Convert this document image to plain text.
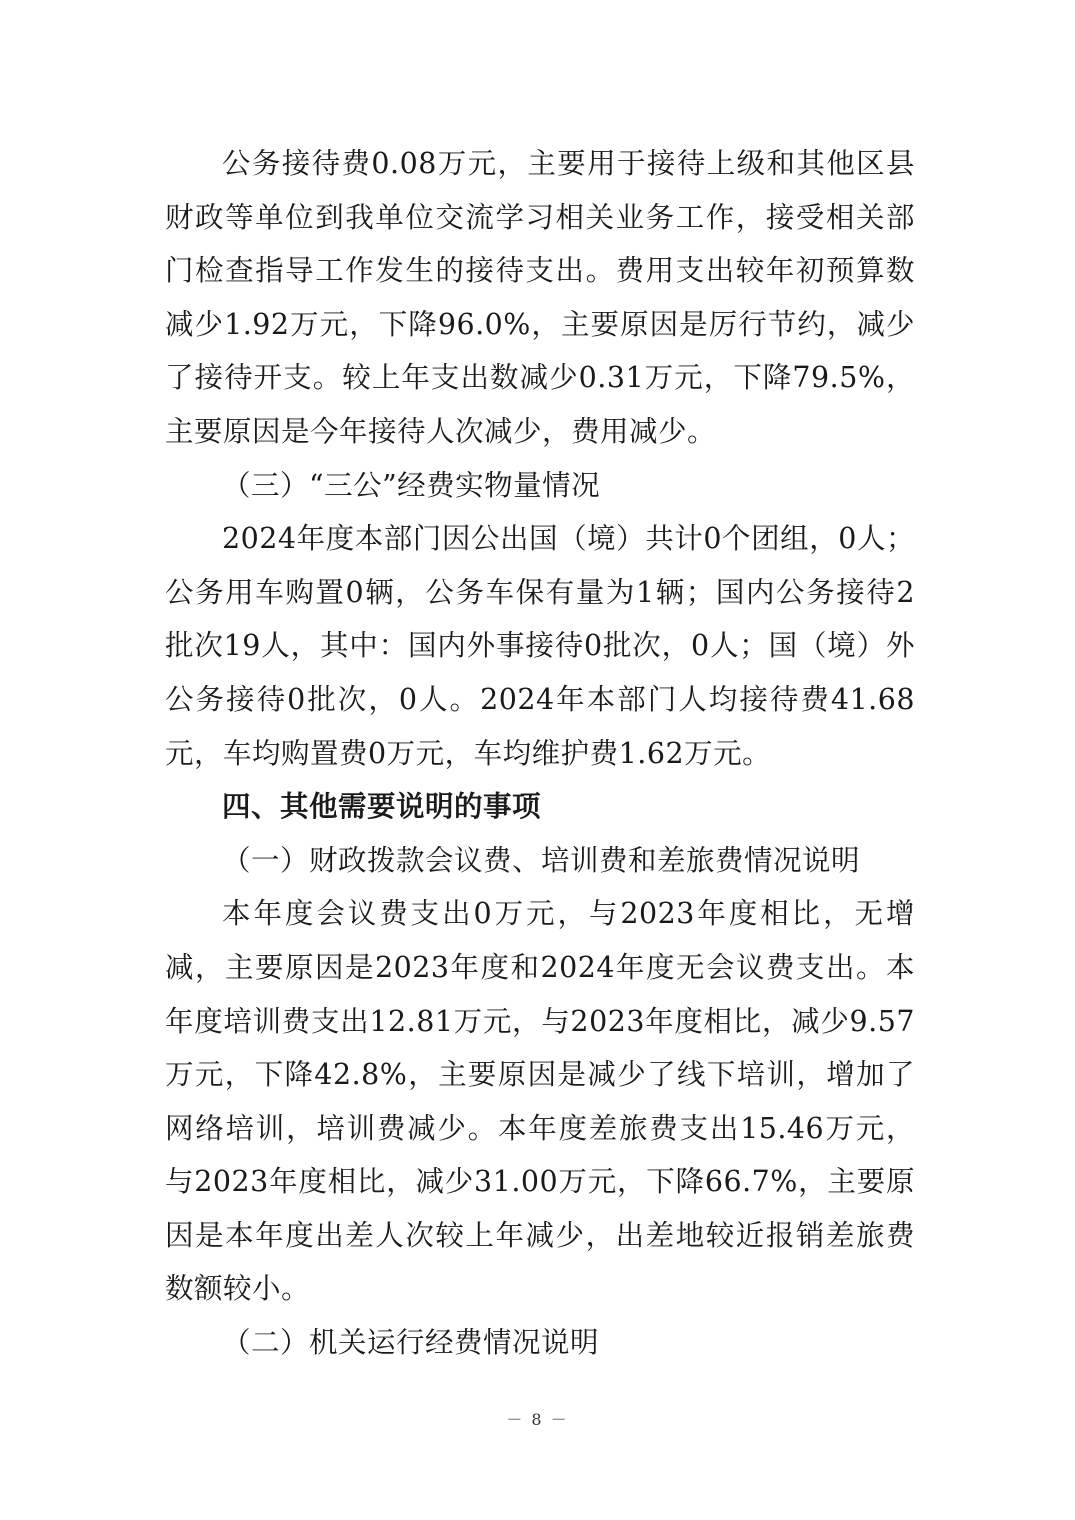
公务接待费0.08万元，主要用于接待上级和其他区县财政等单位到我单位交流学习相关业务工作，接受相关部门检查指导工作发生的接待支出。费用支出较年初预算数减少1.92万元，下降96.0%，主要原因是厉行节约，减少了接待开支。较上年支出数减少0.31万元，下降79.5%，主要原因是今年接待人次减少，费用减少。

（三）“三公”经费实物量情况

2024年度本部门因公出国（境）共计0个团组，0人；公务用车购置0辆，公务车保有量为1辆；国内公务接待2批次19人，其中：国内外事接待0批次，0人；国（境）外公务接待0批次，0人。2024年本部门人均接待费41.68元，车均购置费0万元，车均维护费1.62万元。

四、其他需要说明的事项

（一）财政拨款会议费、培训费和差旅费情况说明

本年度会议费支出0万元，与2023年度相比，无增减，主要原因是2023年度和2024年度无会议费支出。本年度培训费支出12.81万元，与2023年度相比，减少9.57万元，下降42.8%，主要原因是减少了线下培训，增加了网络培训，培训费减少。本年度差旅费支出15.46万元，与2023年度相比，减少31.00万元，下降66.7%，主要原因是本年度出差人次较上年减少，出差地较近报销差旅费数额较小。

（二）机关运行经费情况说明

－ 8 －
